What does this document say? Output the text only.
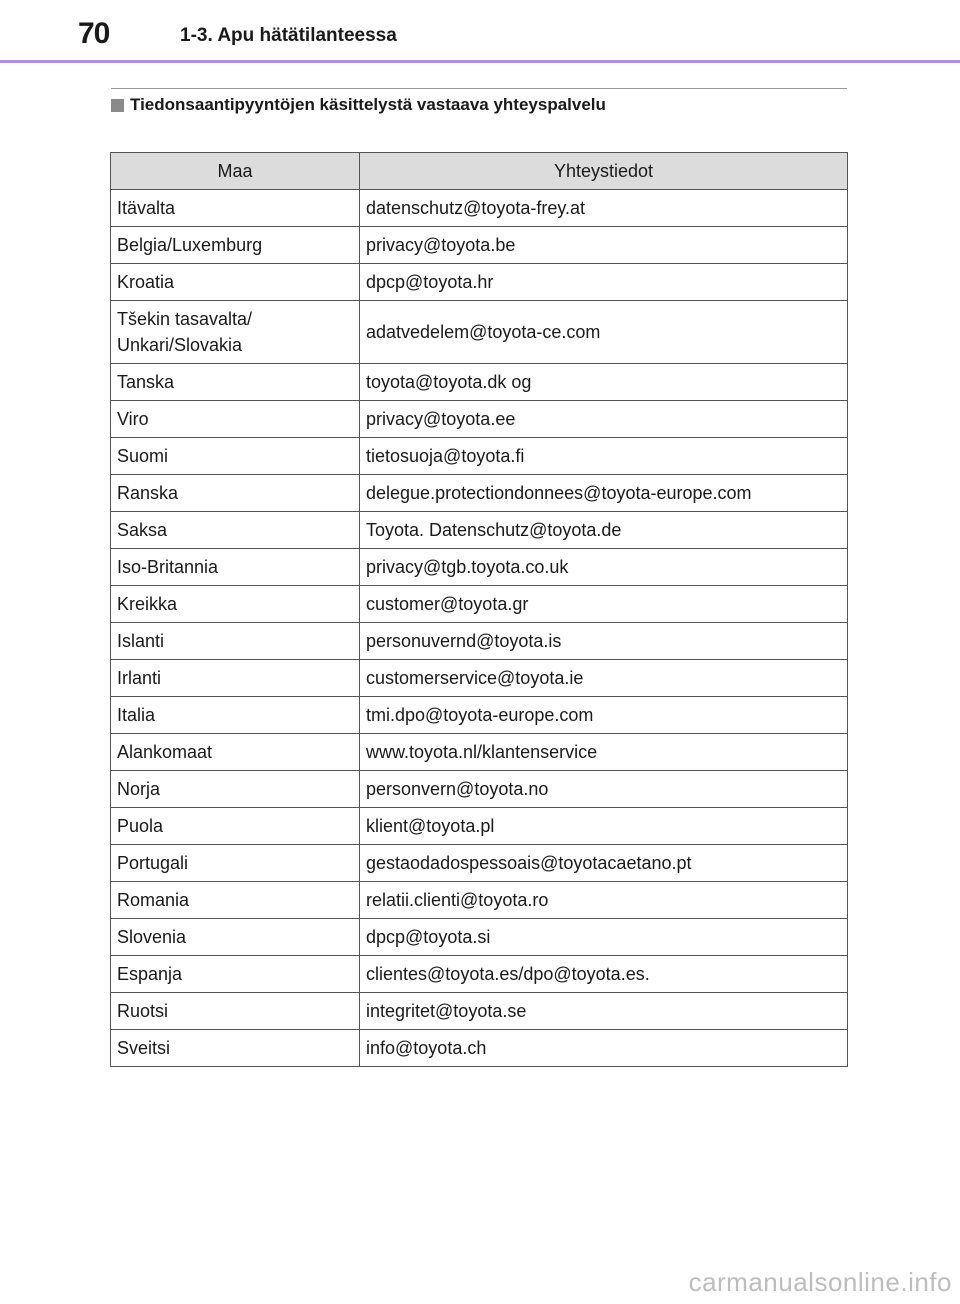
70	1-3. Apu hätätilanteessa
Tiedonsaantipyyntöjen käsittelystä vastaava yhteyspalvelu
Maa	Yhteystiedot
Itävalta	datenschutz@toyota-frey.at
Belgia/Luxemburg	privacy@toyota.be
Kroatia	dpcp@toyota.hr
Tšekin tasavalta/
Unkari/Slovakia	adatvedelem@toyota-ce.com
Tanska	toyota@toyota.dk og
Viro	privacy@toyota.ee
Suomi	tietosuoja@toyota.fi
Ranska	delegue.protectiondonnees@toyota-europe.com
Saksa	Toyota. Datenschutz@toyota.de
Iso-Britannia	privacy@tgb.toyota.co.uk
Kreikka	customer@toyota.gr
Islanti	personuvernd@toyota.is
Irlanti	customerservice@toyota.ie
Italia	tmi.dpo@toyota-europe.com
Alankomaat	www.toyota.nl/klantenservice
Norja	personvern@toyota.no
Puola	klient@toyota.pl
Portugali	gestaodadospessoais@toyotacaetano.pt
Romania	relatii.clienti@toyota.ro
Slovenia	dpcp@toyota.si
Espanja	clientes@toyota.es/dpo@toyota.es.
Ruotsi	integritet@toyota.se
Sveitsi	info@toyota.ch
carmanualsonline.info
